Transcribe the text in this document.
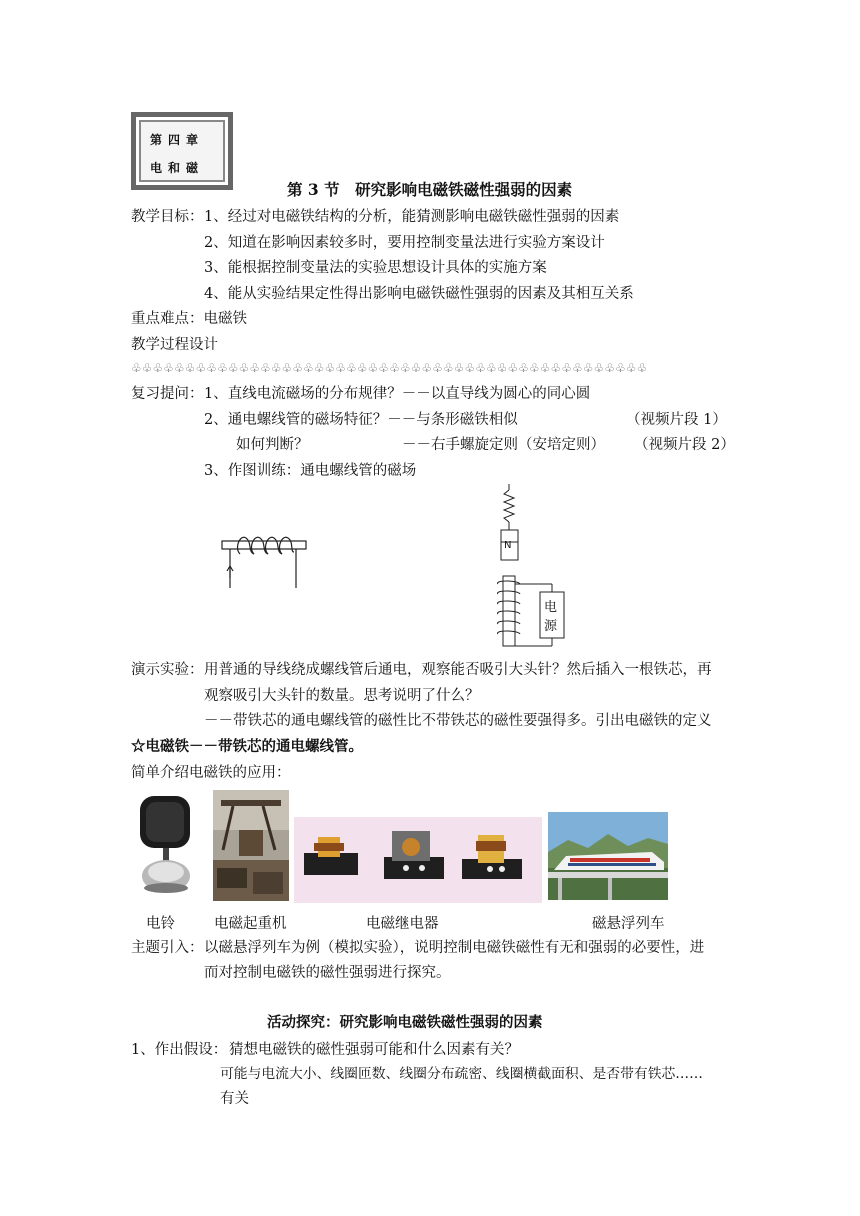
第四章
电和磁
第 3 节　研究影响电磁铁磁性强弱的因素
教学目标： 1、经过对电磁铁结构的分析，能猜测影响电磁铁磁性强弱的因素
2、知道在影响因素较多时，要用控制变量法进行实验方案设计
3、能根据控制变量法的实验思想设计具体的实施方案
4、能从实验结果定性得出影响电磁铁磁性强弱的因素及其相互关系
重点难点：电磁铁
教学过程设计
♧♧♧♧♧♧♧♧♧♧♧♧♧♧♧♧♧♧♧♧♧♧♧♧♧♧♧♧♧♧♧♧♧♧♧♧♧♧♧♧♧♧♧♧♧♧♧♧
复习提问： 1、直线电流磁场的分布规律？－－以直导线为圆心的同心圆
2、通电螺线管的磁场特征？－－与条形磁铁相似	（视频片段 1）
如何判断？	－－右手螺旋定则（安培定则） （视频片段 2）
3、作图训练：通电螺线管的磁场
N
电
源
演示实验： 用普通的导线绕成螺线管后通电，观察能否吸引大头针？然后插入一根铁芯，再
观察吸引大头针的数量。思考说明了什么？
－－带铁芯的通电螺线管的磁性比不带铁芯的磁性要强得多。引出电磁铁的定义
☆电磁铁－－带铁芯的通电螺线管。
简单介绍电磁铁的应用：
电铃	电磁起重机	电磁继电器	磁悬浮列车
主题引入： 以磁悬浮列车为例（模拟实验），说明控制电磁铁磁性有无和强弱的必要性，进
而对控制电磁铁的磁性强弱进行探究。
活动探究：研究影响电磁铁磁性强弱的因素
1、作出假设： 猜想电磁铁的磁性强弱可能和什么因素有关？
可能与电流大小、线圈匝数、线圈分布疏密、线圈横截面积、是否带有铁芯……
有关
